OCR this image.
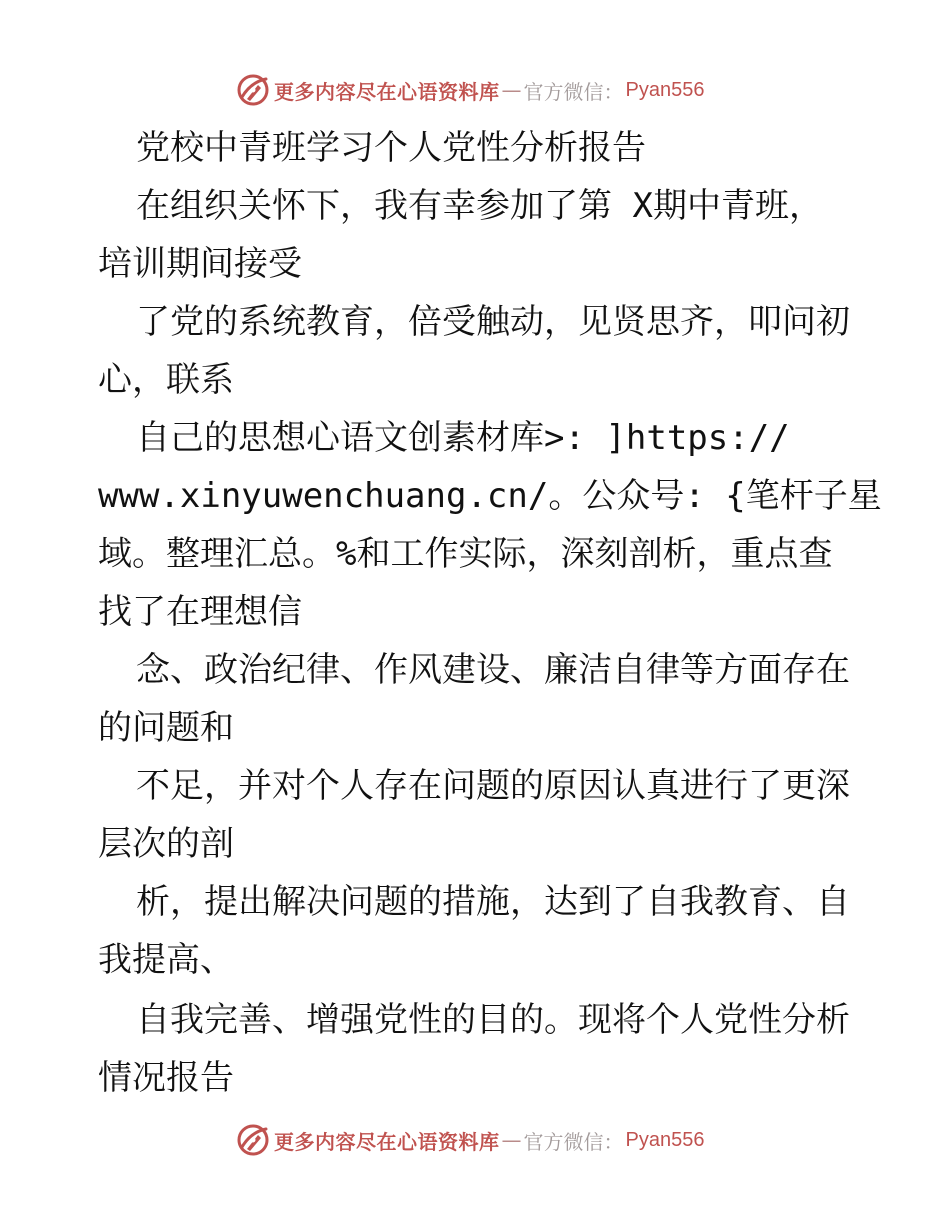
更多内容尽在心语资料库 — 官方微信： Pyan556
党校中青班学习个人党性分析报告
在组织关怀下，我有幸参加了第 X期中青班，
培训期间接受
了党的系统教育，倍受触动，见贤思齐，叩问初
心，联系
自己的思想心语文创素材库>: ]https://
www.xinyuwenchuang.cn/。公众号: {笔杆子星
域。整理汇总。%和工作实际，深刻剖析，重点查
找了在理想信
念、政治纪律、作风建设、廉洁自律等方面存在
的问题和
不足，并对个人存在问题的原因认真进行了更深
层次的剖
析，提出解决问题的措施，达到了自我教育、自
我提高、
自我完善、增强党性的目的。现将个人党性分析
情况报告
更多内容尽在心语资料库 — 官方微信： Pyan556
